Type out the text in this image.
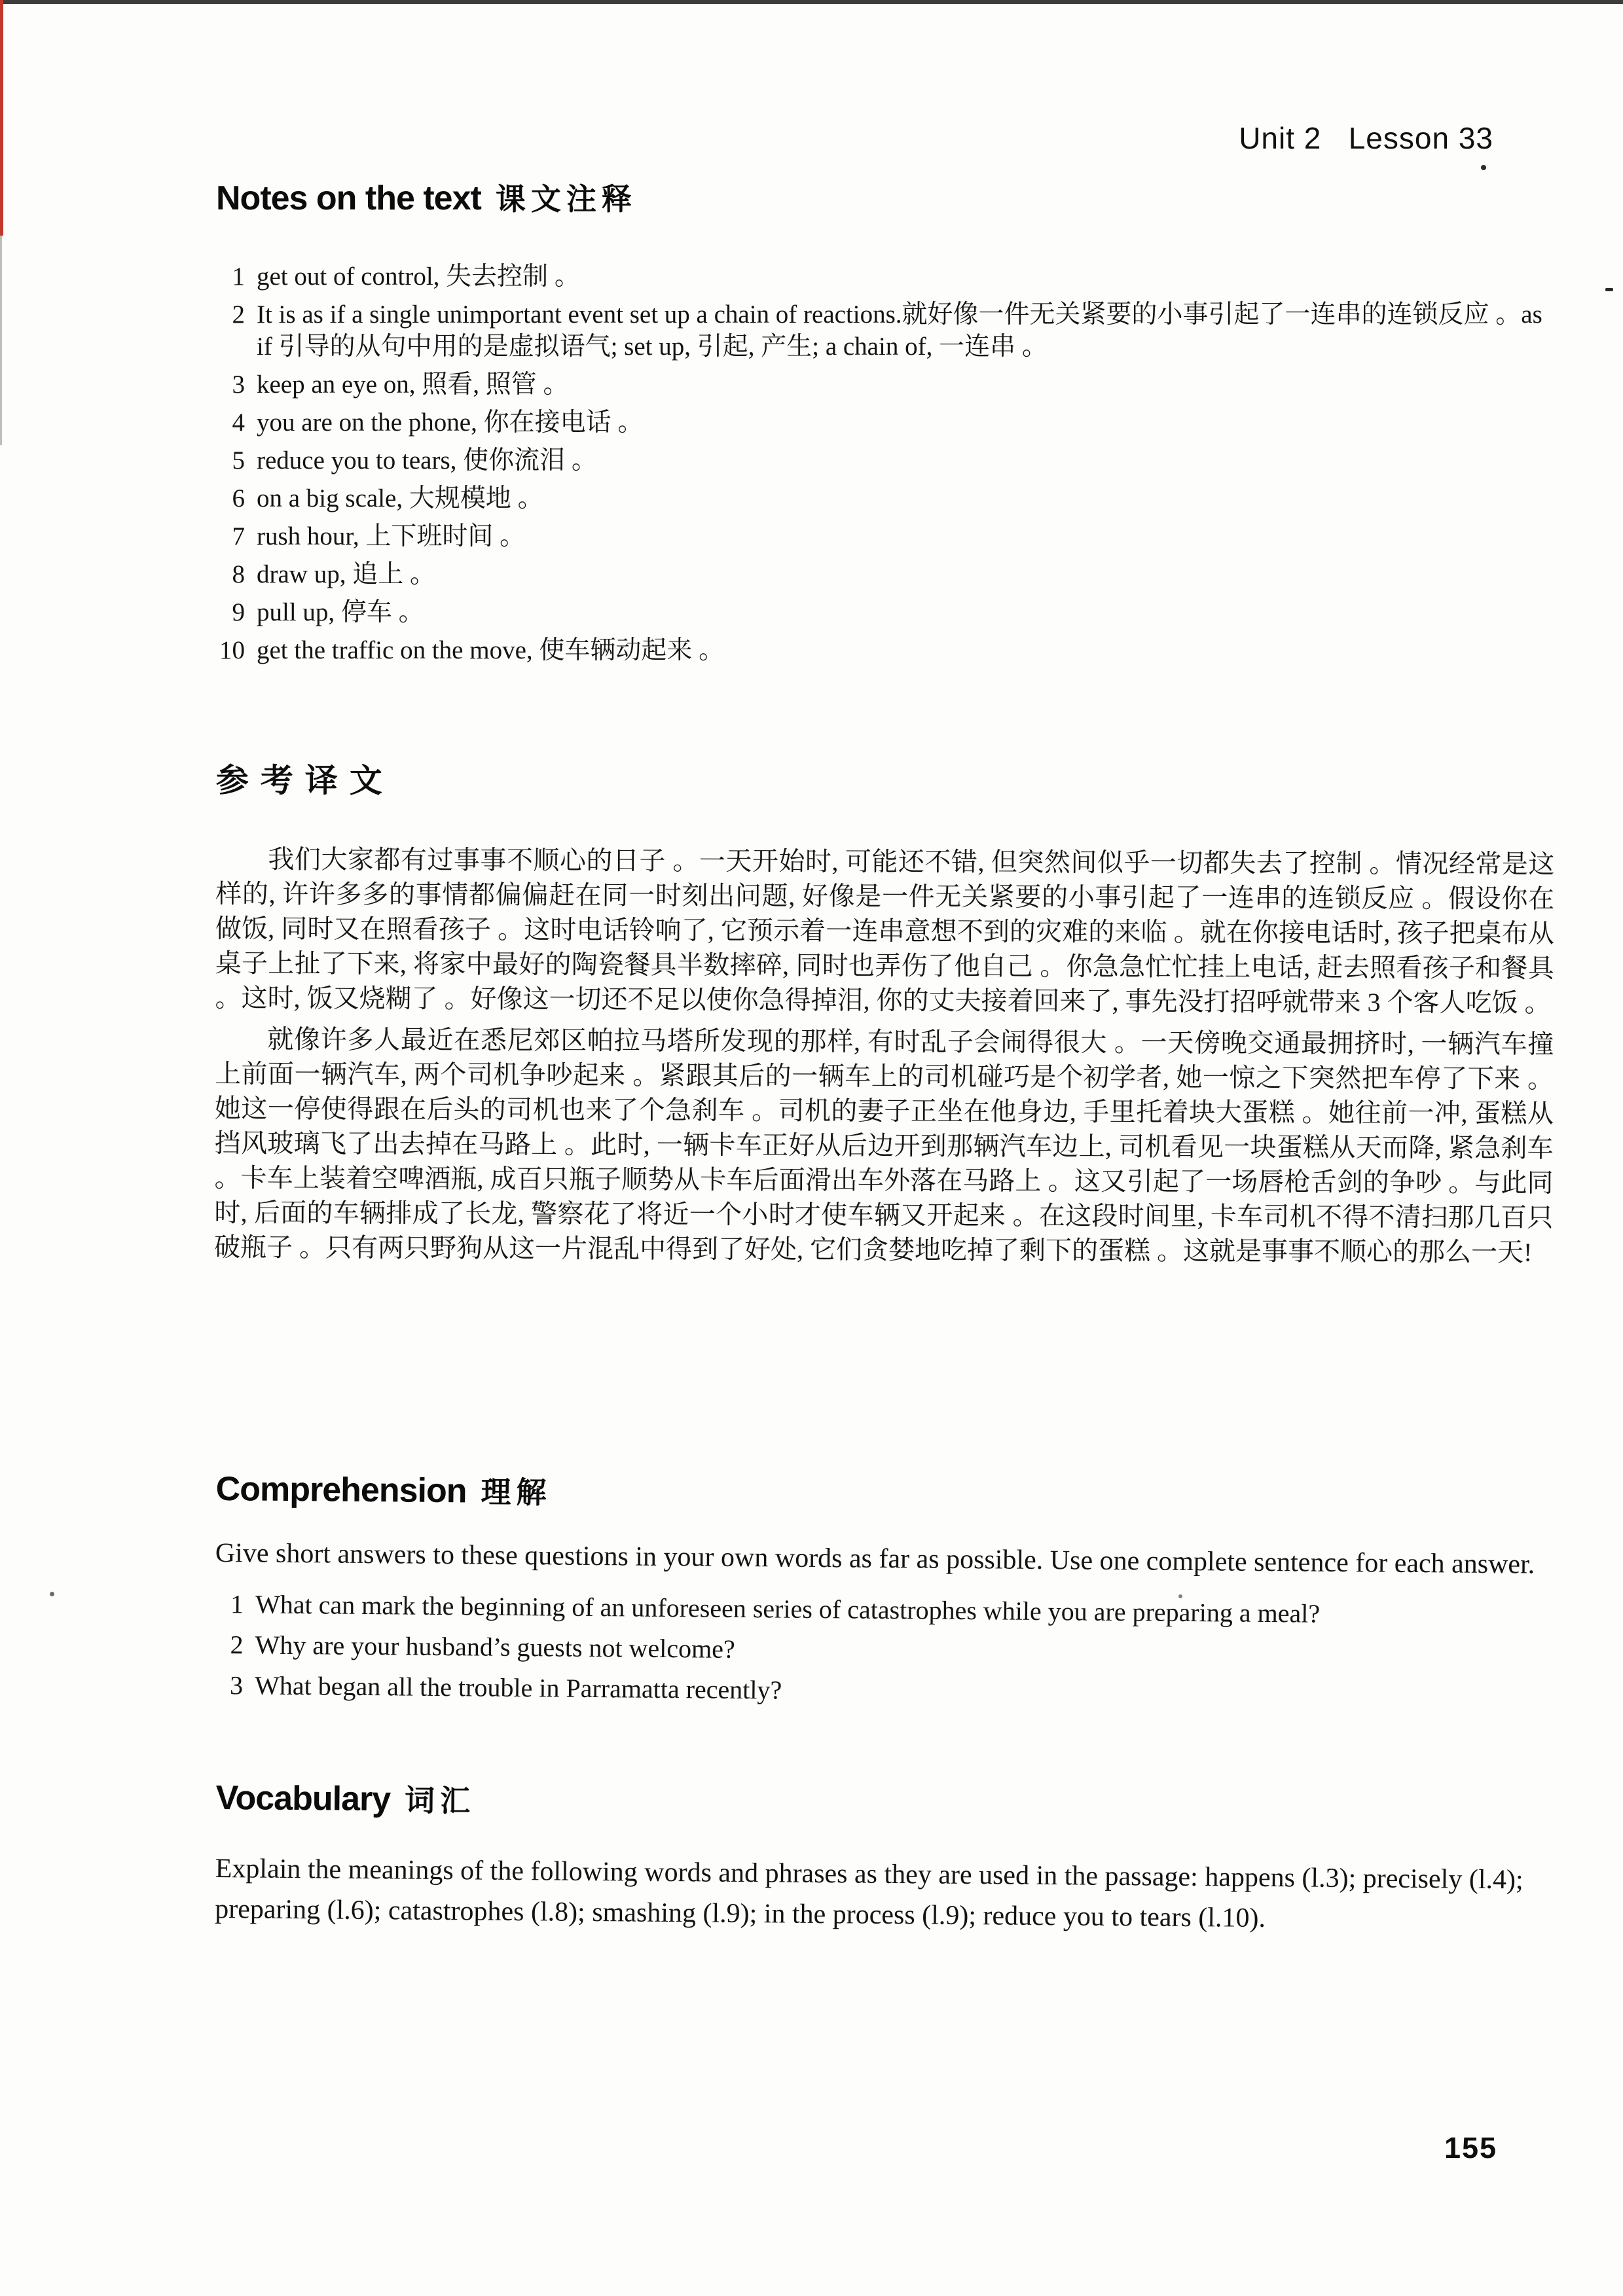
Unit 2   Lesson 33
Notes on the text 课文注释
1 get out of control, 失去控制 。
2 It is as if a single unimportant event set up a chain of reactions.就好像一件无关紧要的小事引起了一连串的连锁反应 。as if 引导的从句中用的是虚拟语气; set up, 引起, 产生; a chain of, 一连串 。
3 keep an eye on, 照看, 照管 。
4 you are on the phone, 你在接电话 。
5 reduce you to tears, 使你流泪 。
6 on a big scale, 大规模地 。
7 rush hour, 上下班时间 。
8 draw up, 追上 。
9 pull up, 停车 。
10 get the traffic on the move, 使车辆动起来 。
参考译文

我们大家都有过事事不顺心的日子 。一天开始时, 可能还不错, 但突然间似乎一切都失去了控制 。情况经常是这样的, 许许多多的事情都偏偏赶在同一时刻出问题, 好像是一件无关紧要的小事引起了一连串的连锁反应 。假设你在做饭, 同时又在照看孩子 。这时电话铃响了, 它预示着一连串意想不到的灾难的来临 。就在你接电话时, 孩子把桌布从桌子上扯了下来, 将家中最好的陶瓷餐具半数摔碎, 同时也弄伤了他自己 。你急急忙忙挂上电话, 赶去照看孩子和餐具 。这时, 饭又烧糊了 。好像这一切还不足以使你急得掉泪, 你的丈夫接着回来了, 事先没打招呼就带来 3 个客人吃饭 。

就像许多人最近在悉尼郊区帕拉马塔所发现的那样, 有时乱子会闹得很大 。一天傍晚交通最拥挤时, 一辆汽车撞上前面一辆汽车, 两个司机争吵起来 。紧跟其后的一辆车上的司机碰巧是个初学者, 她一惊之下突然把车停了下来 。她这一停使得跟在后头的司机也来了个急刹车 。司机的妻子正坐在他身边, 手里托着块大蛋糕 。她往前一冲, 蛋糕从挡风玻璃飞了出去掉在马路上 。此时, 一辆卡车正好从后边开到那辆汽车边上, 司机看见一块蛋糕从天而降, 紧急刹车 。卡车上装着空啤酒瓶, 成百只瓶子顺势从卡车后面滑出车外落在马路上 。这又引起了一场唇枪舌剑的争吵 。与此同时, 后面的车辆排成了长龙, 警察花了将近一个小时才使车辆又开起来 。在这段时间里, 卡车司机不得不清扫那几百只破瓶子 。只有两只野狗从这一片混乱中得到了好处, 它们贪婪地吃掉了剩下的蛋糕 。这就是事事不顺心的那么一天!

Comprehension 理解
Give short answers to these questions in your own words as far as possible. Use one complete sentence for each answer.
1 What can mark the beginning of an unforeseen series of catastrophes while you are preparing a meal?
2 Why are your husband’s guests not welcome?
3 What began all the trouble in Parramatta recently?
Vocabulary 词汇
Explain the meanings of the following words and phrases as they are used in the passage: happens (l.3); precisely (l.4); preparing (l.6); catastrophes (l.8); smashing (l.9); in the process (l.9); reduce you to tears (l.10).
155
